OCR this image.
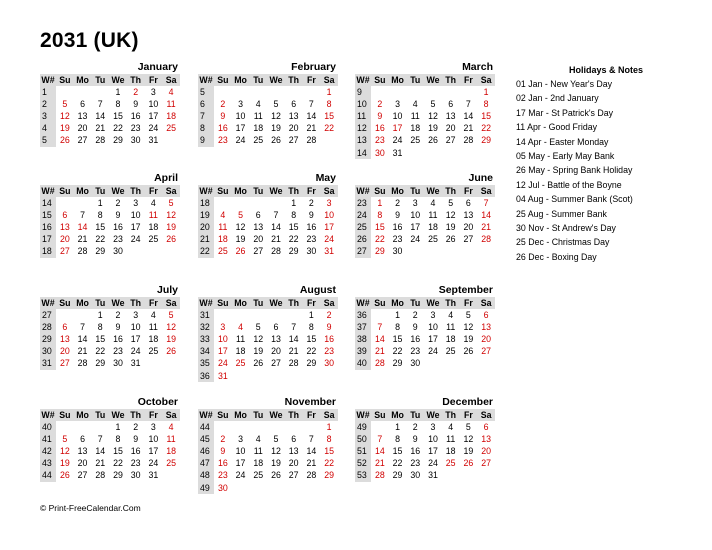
2031 (UK)
January
W#	Su	Mo	Tu	We	Th	Fr	Sa
1				1	2	3	4
2	5	6	7	8	9	10	11
3	12	13	14	15	16	17	18
4	19	20	21	22	23	24	25
5	26	27	28	29	30	31	
February
W#	Su	Mo	Tu	We	Th	Fr	Sa
5							1
6	2	3	4	5	6	7	8
7	9	10	11	12	13	14	15
8	16	17	18	19	20	21	22
9	23	24	25	26	27	28	
March
W#	Su	Mo	Tu	We	Th	Fr	Sa
9							1
10	2	3	4	5	6	7	8
11	9	10	11	12	13	14	15
12	16	17	18	19	20	21	22
13	23	24	25	26	27	28	29
14	30	31					
April
W#	Su	Mo	Tu	We	Th	Fr	Sa
14			1	2	3	4	5
15	6	7	8	9	10	11	12
16	13	14	15	16	17	18	19
17	20	21	22	23	24	25	26
18	27	28	29	30			
May
W#	Su	Mo	Tu	We	Th	Fr	Sa
18					1	2	3
19	4	5	6	7	8	9	10
20	11	12	13	14	15	16	17
21	18	19	20	21	22	23	24
22	25	26	27	28	29	30	31
June
W#	Su	Mo	Tu	We	Th	Fr	Sa
23	1	2	3	4	5	6	7
24	8	9	10	11	12	13	14
25	15	16	17	18	19	20	21
26	22	23	24	25	26	27	28
27	29	30					
July
W#	Su	Mo	Tu	We	Th	Fr	Sa
27			1	2	3	4	5
28	6	7	8	9	10	11	12
29	13	14	15	16	17	18	19
30	20	21	22	23	24	25	26
31	27	28	29	30	31		
August
W#	Su	Mo	Tu	We	Th	Fr	Sa
31						1	2
32	3	4	5	6	7	8	9
33	10	11	12	13	14	15	16
34	17	18	19	20	21	22	23
35	24	25	26	27	28	29	30
36	31						
September
W#	Su	Mo	Tu	We	Th	Fr	Sa
36		1	2	3	4	5	6
37	7	8	9	10	11	12	13
38	14	15	16	17	18	19	20
39	21	22	23	24	25	26	27
40	28	29	30				
October
W#	Su	Mo	Tu	We	Th	Fr	Sa
40				1	2	3	4
41	5	6	7	8	9	10	11
42	12	13	14	15	16	17	18
43	19	20	21	22	23	24	25
44	26	27	28	29	30	31	
November
W#	Su	Mo	Tu	We	Th	Fr	Sa
44							1
45	2	3	4	5	6	7	8
46	9	10	11	12	13	14	15
47	16	17	18	19	20	21	22
48	23	24	25	26	27	28	29
49	30						
December
W#	Su	Mo	Tu	We	Th	Fr	Sa
49		1	2	3	4	5	6
50	7	8	9	10	11	12	13
51	14	15	16	17	18	19	20
52	21	22	23	24	25	26	27
53	28	29	30	31			
Holidays & Notes
01 Jan - New Year's Day
02 Jan - 2nd January
17 Mar - St Patrick's Day
11 Apr - Good Friday
14 Apr - Easter Monday
05 May - Early May Bank
26 May - Spring Bank Holiday
12 Jul - Battle of the Boyne
04 Aug - Summer Bank (Scot)
25 Aug - Summer Bank
30 Nov - St Andrew's Day
25 Dec - Christmas Day
26 Dec - Boxing Day
© Print-FreeCalendar.Com
